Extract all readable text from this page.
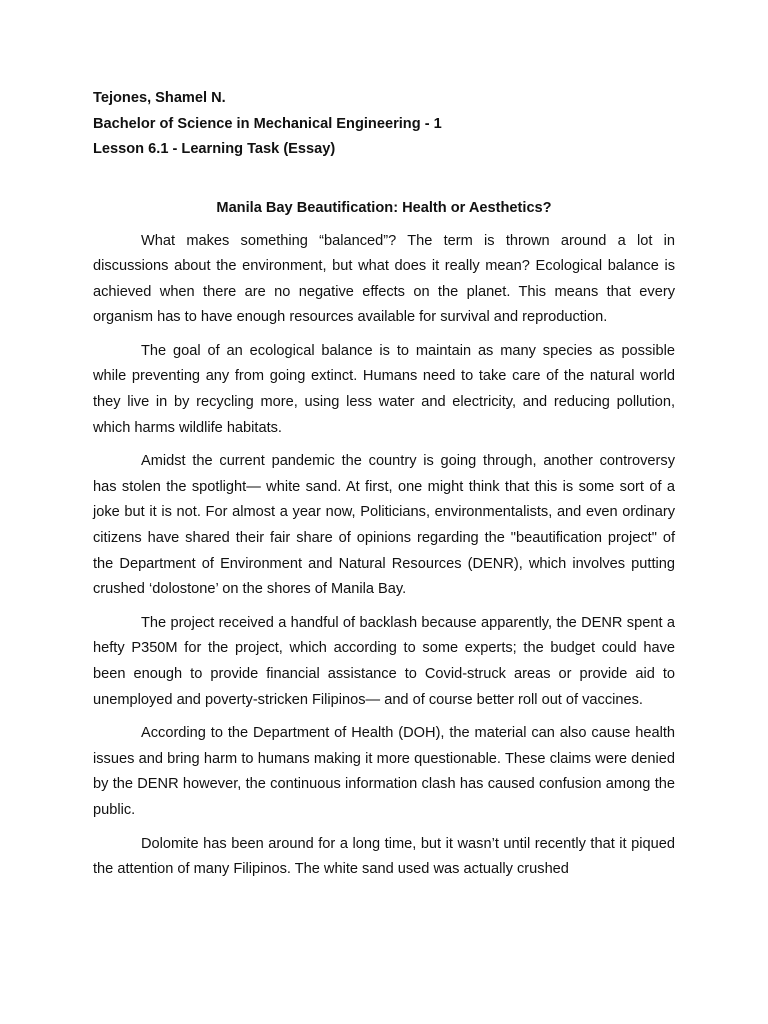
Tejones, Shamel N.

Bachelor of Science in Mechanical Engineering - 1

Lesson 6.1 - Learning Task (Essay)

Manila Bay Beautification: Health or Aesthetics?

What makes something “balanced”? The term is thrown around a lot in discussions about the environment, but what does it really mean? Ecological balance is achieved when there are no negative effects on the planet. This means that every organism has to have enough resources available for survival and reproduction.

The goal of an ecological balance is to maintain as many species as possible while preventing any from going extinct. Humans need to take care of the natural world they live in by recycling more, using less water and electricity, and reducing pollution, which harms wildlife habitats.

Amidst the current pandemic the country is going through, another controversy has stolen the spotlight— white sand. At first, one might think that this is some sort of a joke but it is not. For almost a year now, Politicians, environmentalists, and even ordinary citizens have shared their fair share of opinions regarding the "beautification project" of the Department of Environment and Natural Resources (DENR), which involves putting crushed ‘dolostone’ on the shores of Manila Bay.

The project received a handful of backlash because apparently, the DENR spent a hefty P350M for the project, which according to some experts; the budget could have been enough to provide financial assistance to Covid-struck areas or provide aid to unemployed and poverty-stricken Filipinos— and of course better roll out of vaccines.

According to the Department of Health (DOH), the material can also cause health issues and bring harm to humans making it more questionable. These claims were denied by the DENR however, the continuous information clash has caused confusion among the public.

Dolomite has been around for a long time, but it wasn’t until recently that it piqued the attention of many Filipinos. The white sand used was actually crushed
